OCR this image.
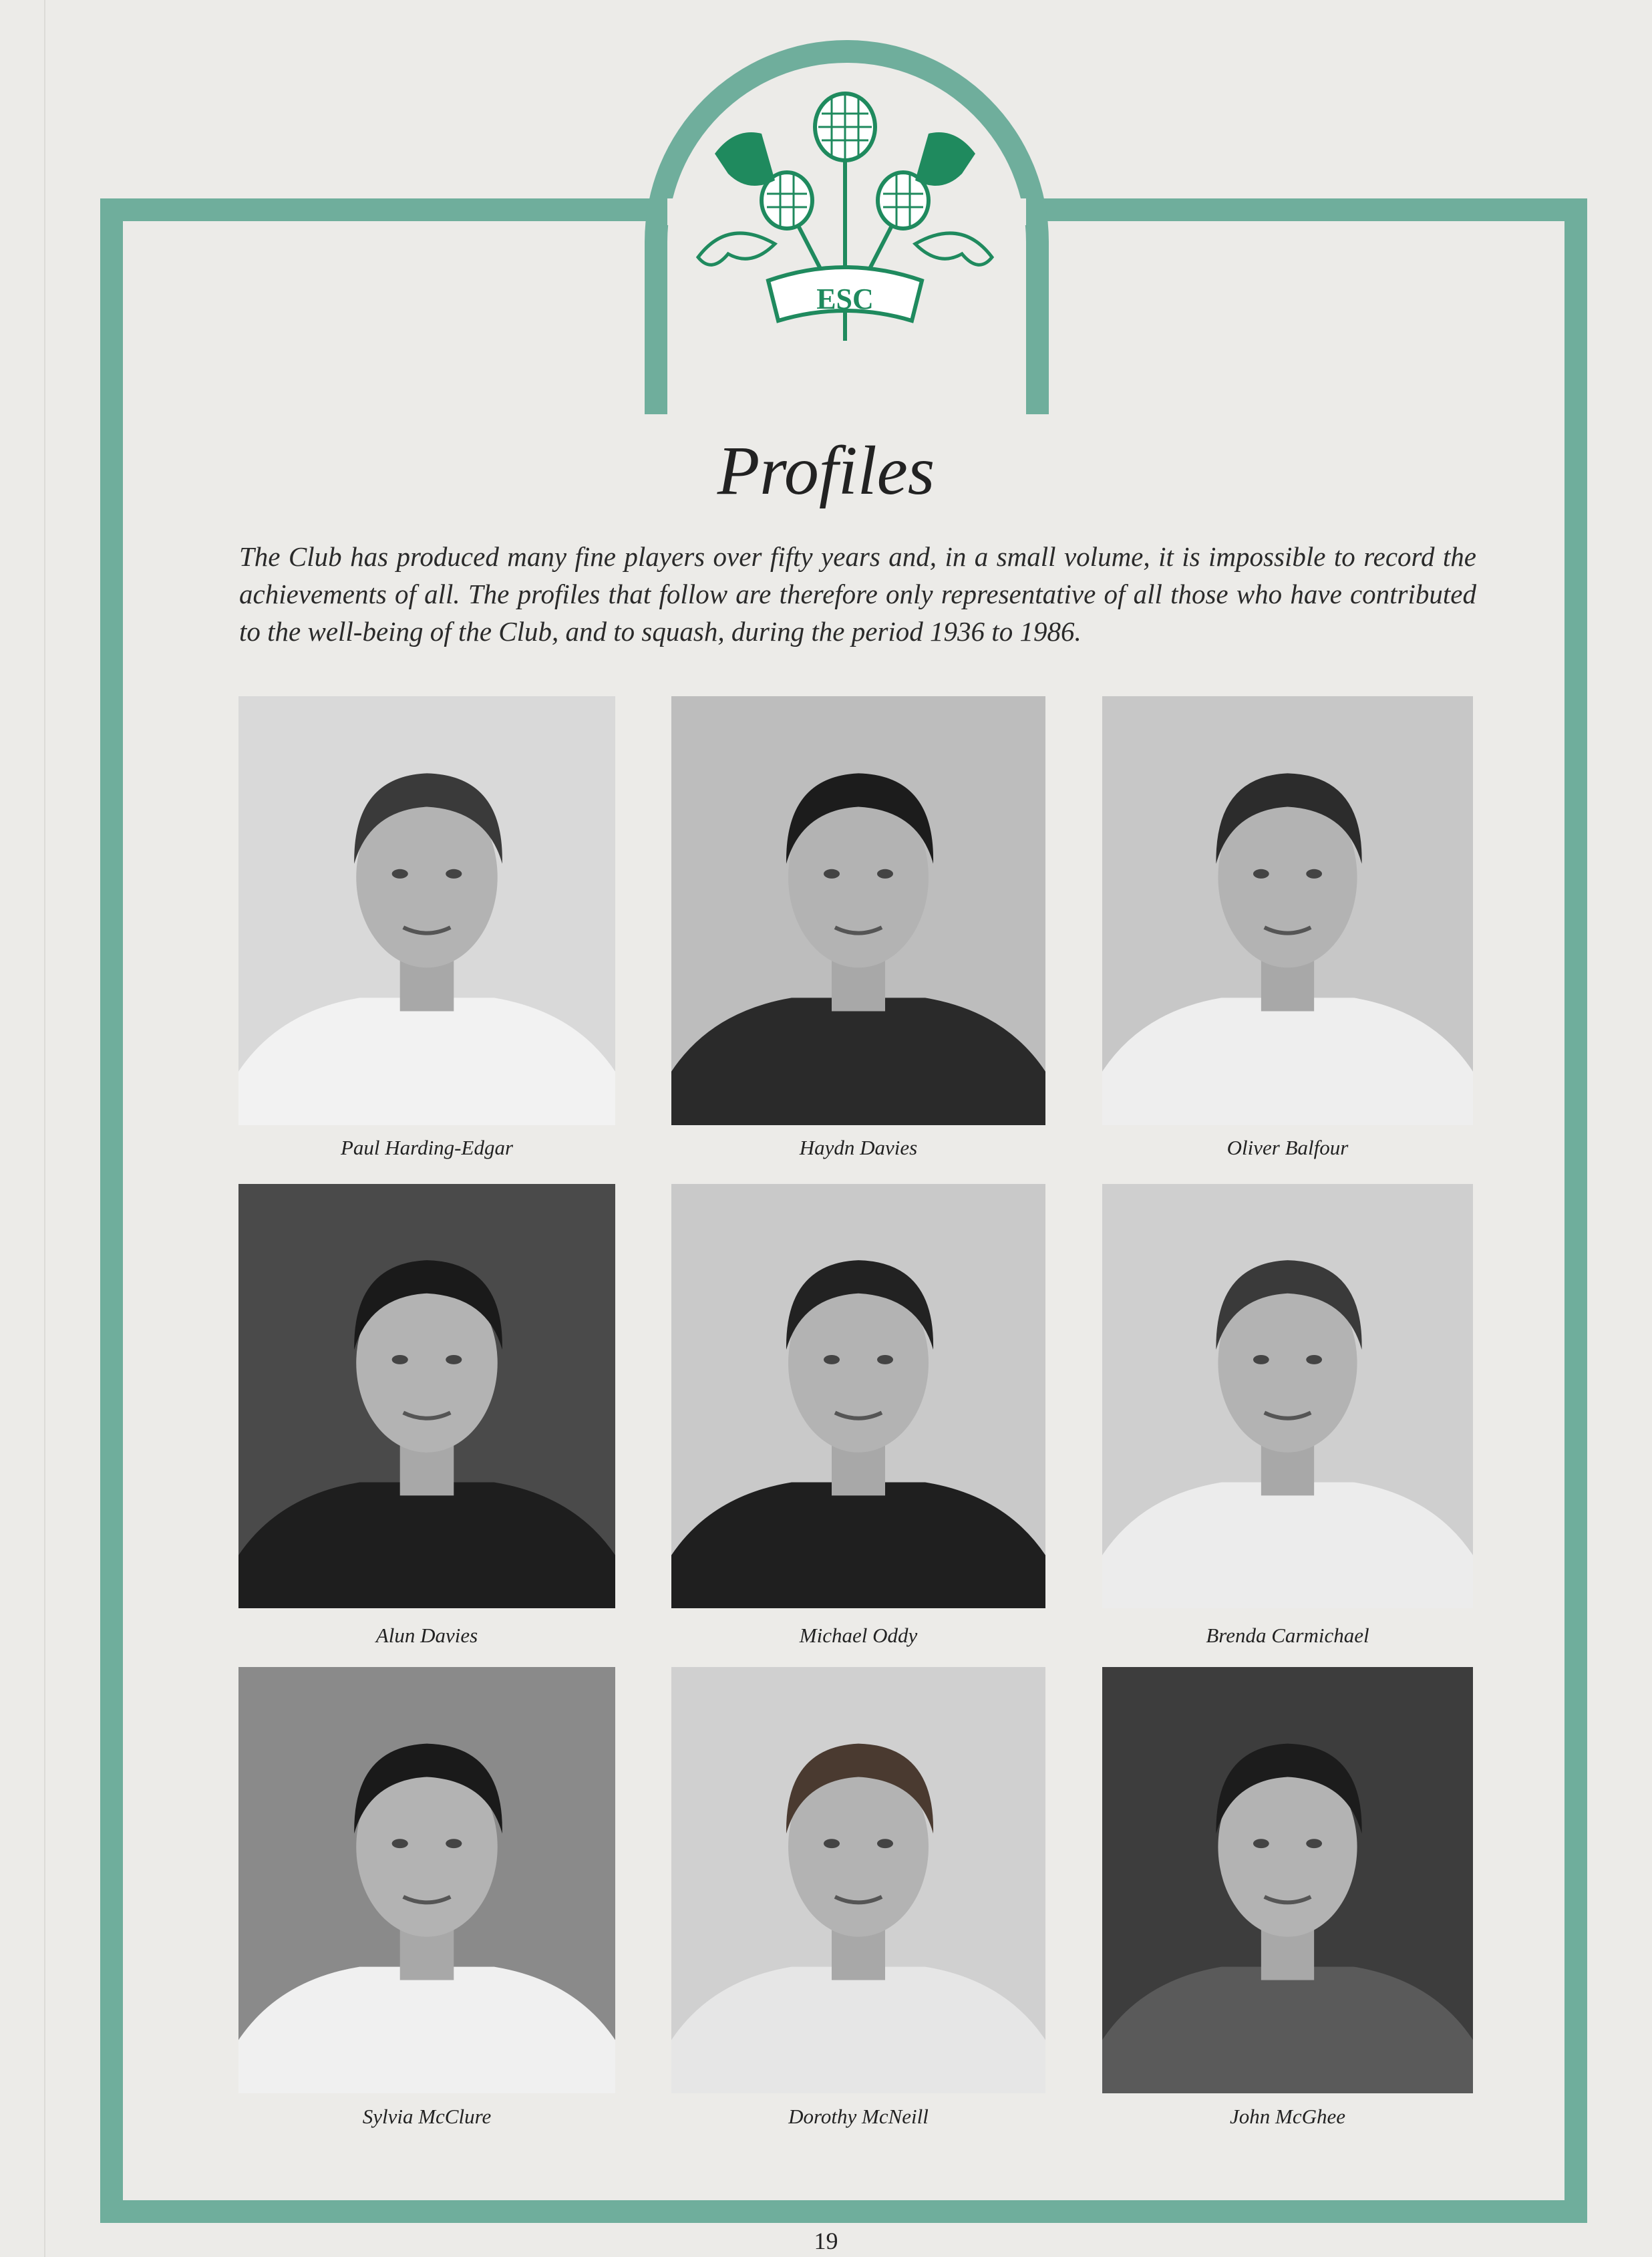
ESC
Profiles
The Club has produced many fine players over fifty years and, in a small volume, it is impossible to record the achievements of all. The profiles that follow are therefore only representative of all those who have contributed to the well-being of the Club, and to squash, during the period 1936 to 1986.
Paul Harding-Edgar	Haydn Davies	Oliver Balfour
Alun Davies	Michael Oddy	Brenda Carmichael
Sylvia McClure	Dorothy McNeill	John McGhee
19
